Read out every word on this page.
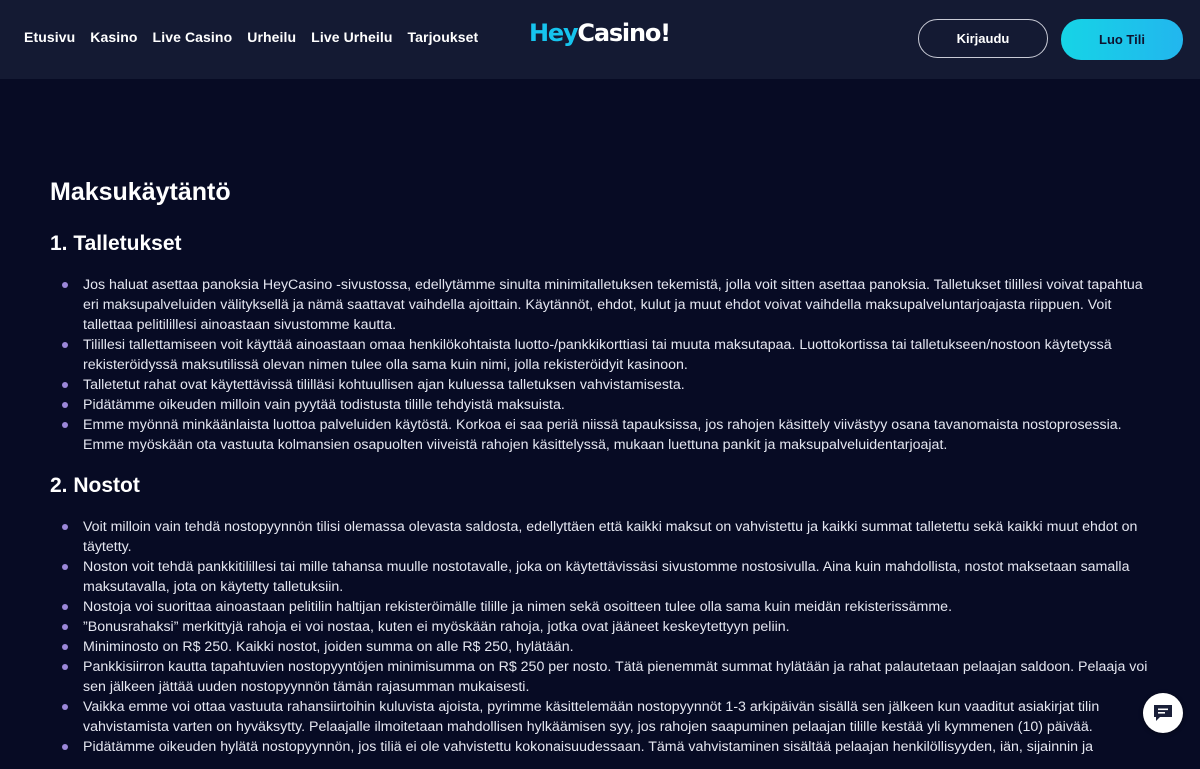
Etusivu Kasino Live Casino Urheilu Live Urheilu Tarjoukset HeyCasino!	Kirjaudu	Luo Tili
Maksukäytäntö
1. Talletukset
Jos haluat asettaa panoksia HeyCasino -sivustossa, edellytämme sinulta minimitalletuksen tekemistä, jolla voit sitten asettaa panoksia. Talletukset tilillesi voivat tapahtua eri maksupalveluiden välityksellä ja nämä saattavat vaihdella ajoittain. Käytännöt, ehdot, kulut ja muut ehdot voivat vaihdella maksupalveluntarjoajasta riippuen. Voit tallettaa pelitilillesi ainoastaan sivustomme kautta.
Tilillesi tallettamiseen voit käyttää ainoastaan omaa henkilökohtaista luotto-/pankkikorttiasi tai muuta maksutapaa. Luottokortissa tai talletukseen/nostoon käytetyssä rekisteröidyssä maksutilissä olevan nimen tulee olla sama kuin nimi, jolla rekisteröidyit kasinoon.
Talletetut rahat ovat käytettävissä tililläsi kohtuullisen ajan kuluessa talletuksen vahvistamisesta.
Pidätämme oikeuden milloin vain pyytää todistusta tilille tehdyistä maksuista.
Emme myönnä minkäänlaista luottoa palveluiden käytöstä. Korkoa ei saa periä niissä tapauksissa, jos rahojen käsittely viivästyy osana tavanomaista nostoprosessia. Emme myöskään ota vastuuta kolmansien osapuolten viiveistä rahojen käsittelyssä, mukaan luettuna pankit ja maksupalveluidentarjoajat.
2. Nostot
Voit milloin vain tehdä nostopyynnön tilisi olemassa olevasta saldosta, edellyttäen että kaikki maksut on vahvistettu ja kaikki summat talletettu sekä kaikki muut ehdot on täytetty.
Noston voit tehdä pankkitilillesi tai mille tahansa muulle nostotavalle, joka on käytettävissäsi sivustomme nostosivulla. Aina kuin mahdollista, nostot maksetaan samalla maksutavalla, jota on käytetty talletuksiin.
Nostoja voi suorittaa ainoastaan pelitilin haltijan rekisteröimälle tilille ja nimen sekä osoitteen tulee olla sama kuin meidän rekisterissämme.
”Bonusrahaksi” merkittyjä rahoja ei voi nostaa, kuten ei myöskään rahoja, jotka ovat jääneet keskeytettyyn peliin.
Miniminosto on R$ 250. Kaikki nostot, joiden summa on alle R$ 250, hylätään.
Pankkisiirron kautta tapahtuvien nostopyyntöjen minimisumma on R$ 250 per nosto. Tätä pienemmät summat hylätään ja rahat palautetaan pelaajan saldoon. Pelaaja voi sen jälkeen jättää uuden nostopyynnön tämän rajasumman mukaisesti.
Vaikka emme voi ottaa vastuuta rahansiirtoihin kuluvista ajoista, pyrimme käsittelemään nostopyynnöt 1-3 arkipäivän sisällä sen jälkeen kun vaaditut asiakirjat tilin vahvistamista varten on hyväksytty. Pelaajalle ilmoitetaan mahdollisen hylkäämisen syy, jos rahojen saapuminen pelaajan tilille kestää yli kymmenen (10) päivää.
Pidätämme oikeuden hylätä nostopyynnön, jos tiliä ei ole vahvistettu kokonaisuudessaan. Tämä vahvistaminen sisältää pelaajan henkilöllisyyden, iän, sijainnin ja
